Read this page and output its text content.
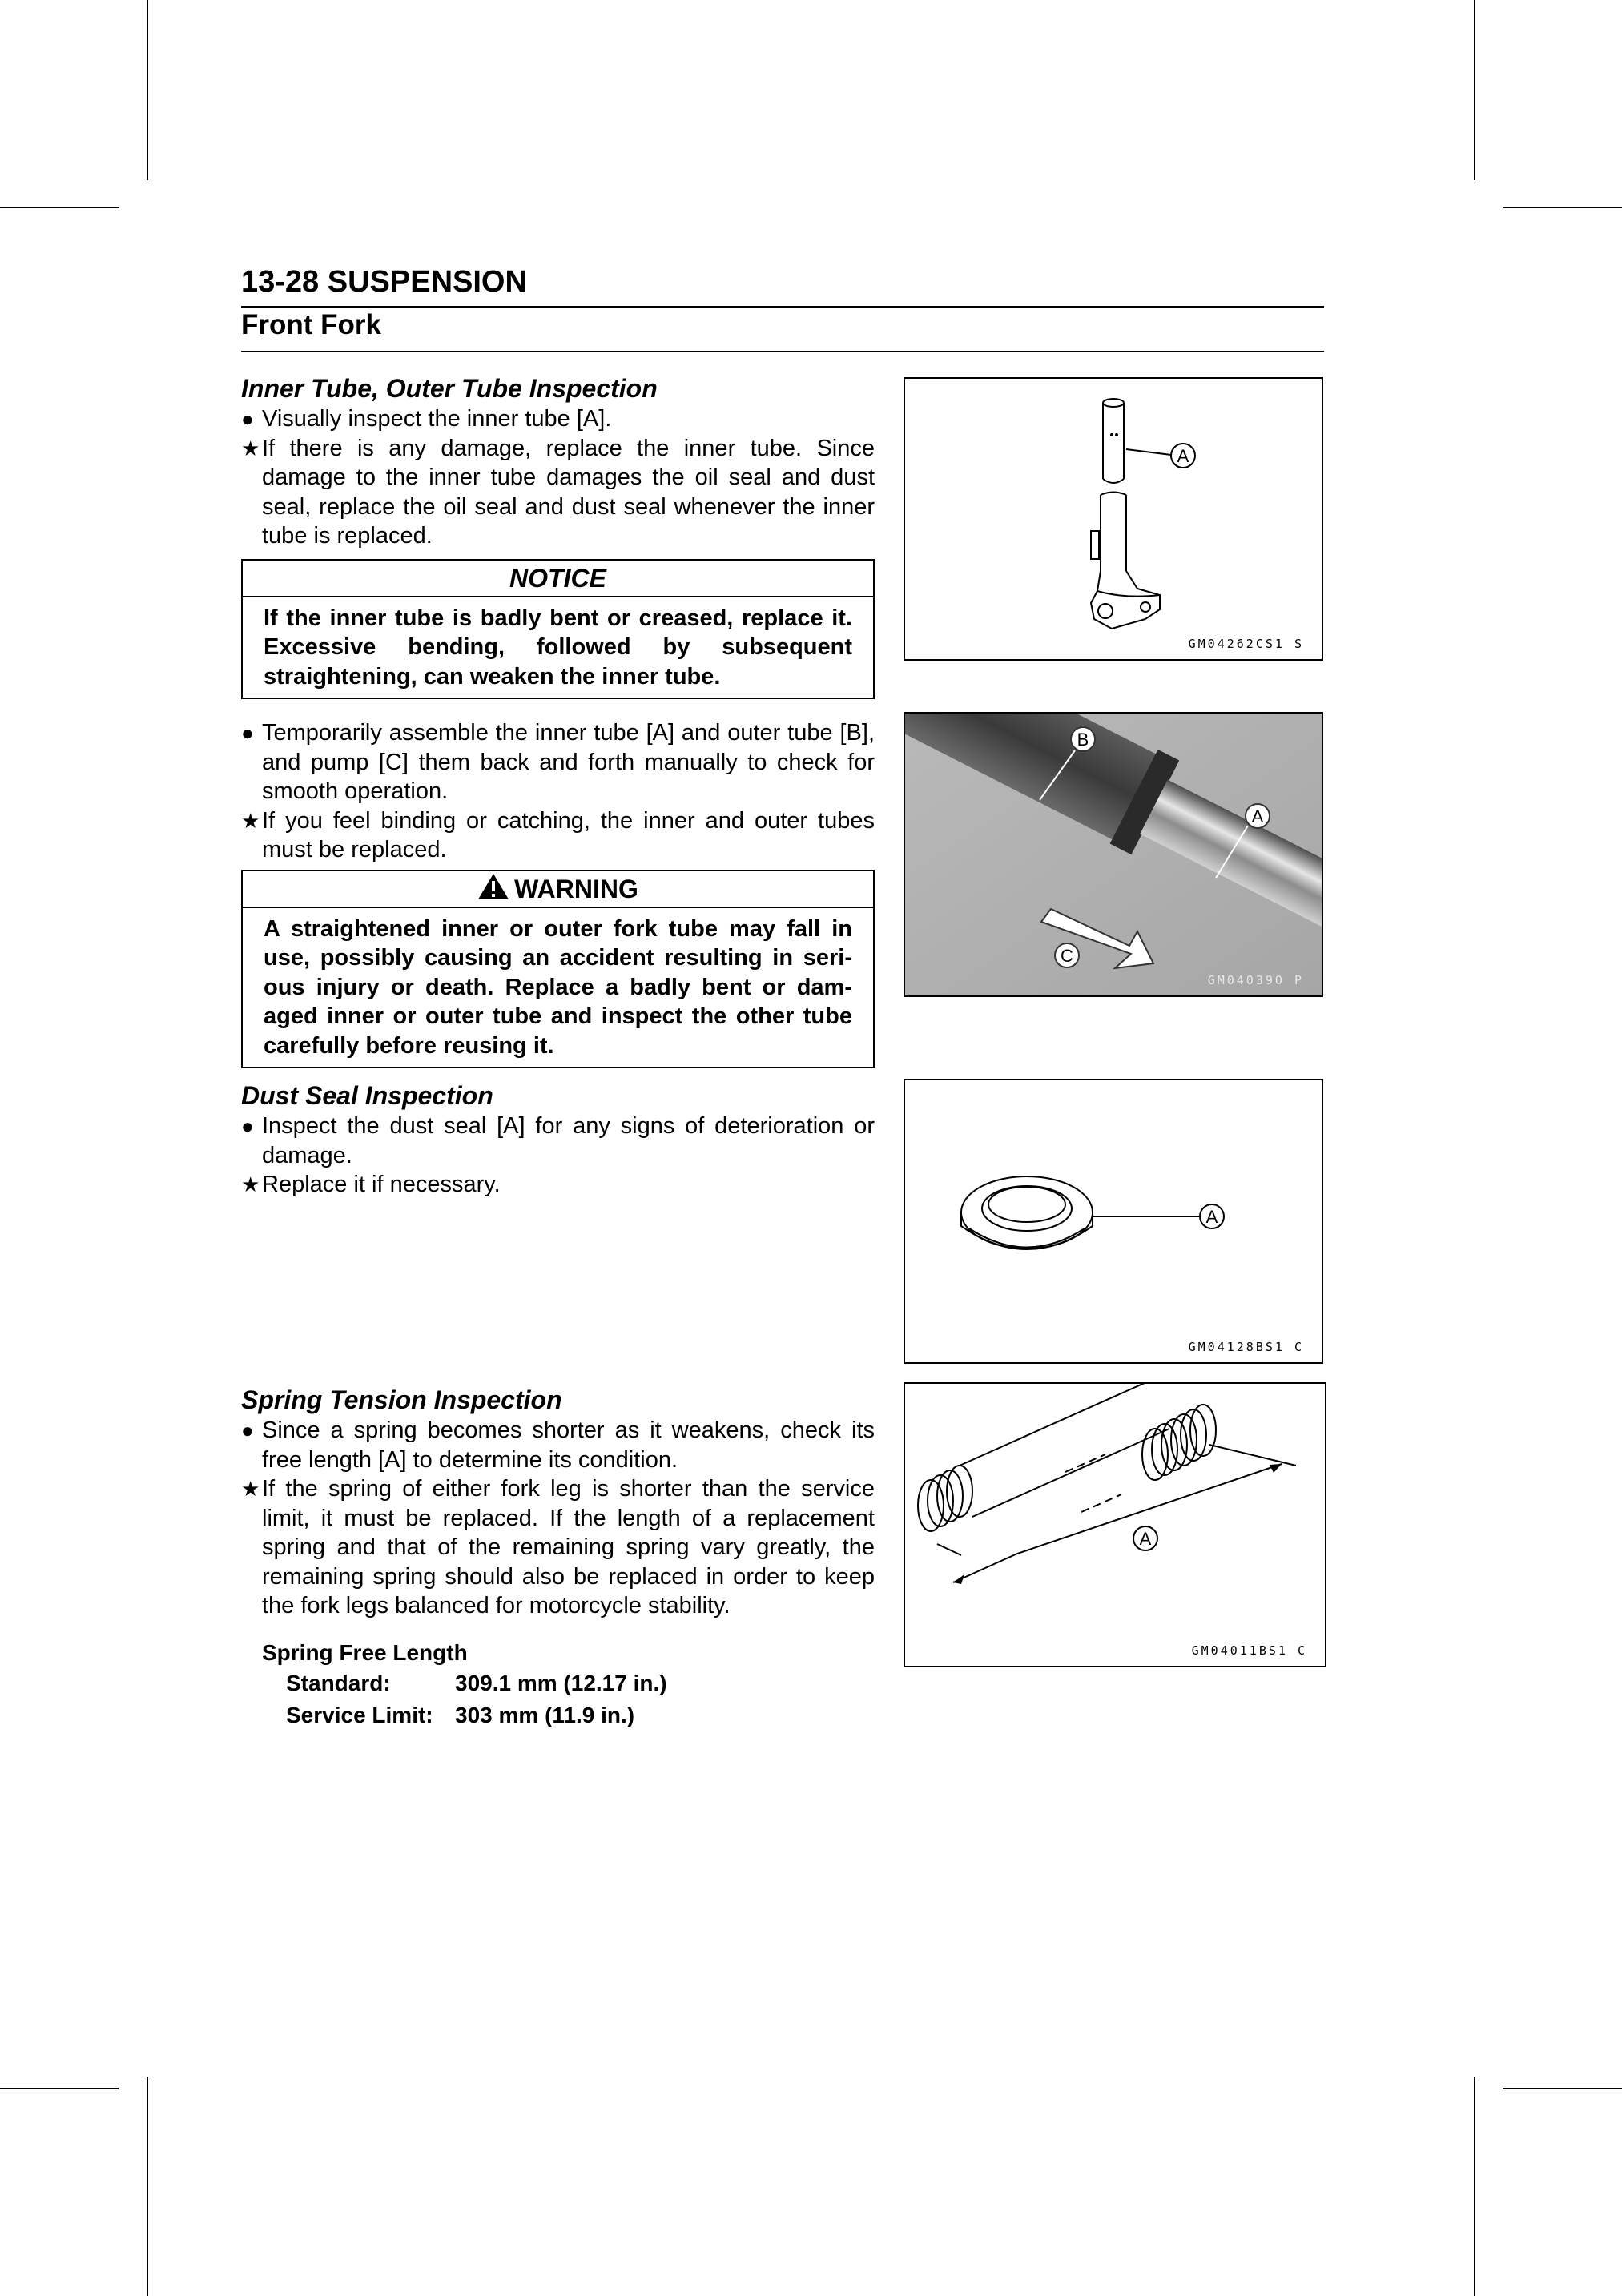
13-28 SUSPENSION
Front Fork
Inner Tube, Outer Tube Inspection
● Visually inspect the inner tube [A].
★ If there is any damage, replace the inner tube. Since damage to the inner tube damages the oil seal and dust seal, replace the oil seal and dust seal whenever the inner tube is replaced.
NOTICE
If the inner tube is badly bent or creased, replace it. Excessive bending, followed by subsequent straightening, can weaken the inner tube.
● Temporarily assemble the inner tube [A] and outer tube [B], and pump [C] them back and forth manually to check for smooth operation.
★ If you feel binding or catching, the inner and outer tubes must be replaced.
WARNING
A straightened inner or outer fork tube may fall in use, possibly causing an accident resulting in seri-ous injury or death. Replace a badly bent or dam-aged inner or outer tube and inspect the other tube carefully before reusing it.
Dust Seal Inspection
● Inspect the dust seal [A] for any signs of deterioration or damage.
★ Replace it if necessary.
Spring Tension Inspection
● Since a spring becomes shorter as it weakens, check its free length [A] to determine its condition.
★ If the spring of either fork leg is shorter than the service limit, it must be replaced. If the length of a replacement spring and that of the remaining spring vary greatly, the remaining spring should also be replaced in order to keep the fork legs balanced for motorcycle stability.
Spring Free Length
Standard:	309.1 mm (12.17 in.)
Service Limit: 303 mm (11.9 in.)
A
GM04262CS1 S
B
A
C
GM04039O P
A
GM04128BS1 C
A
GM04011BS1 C
